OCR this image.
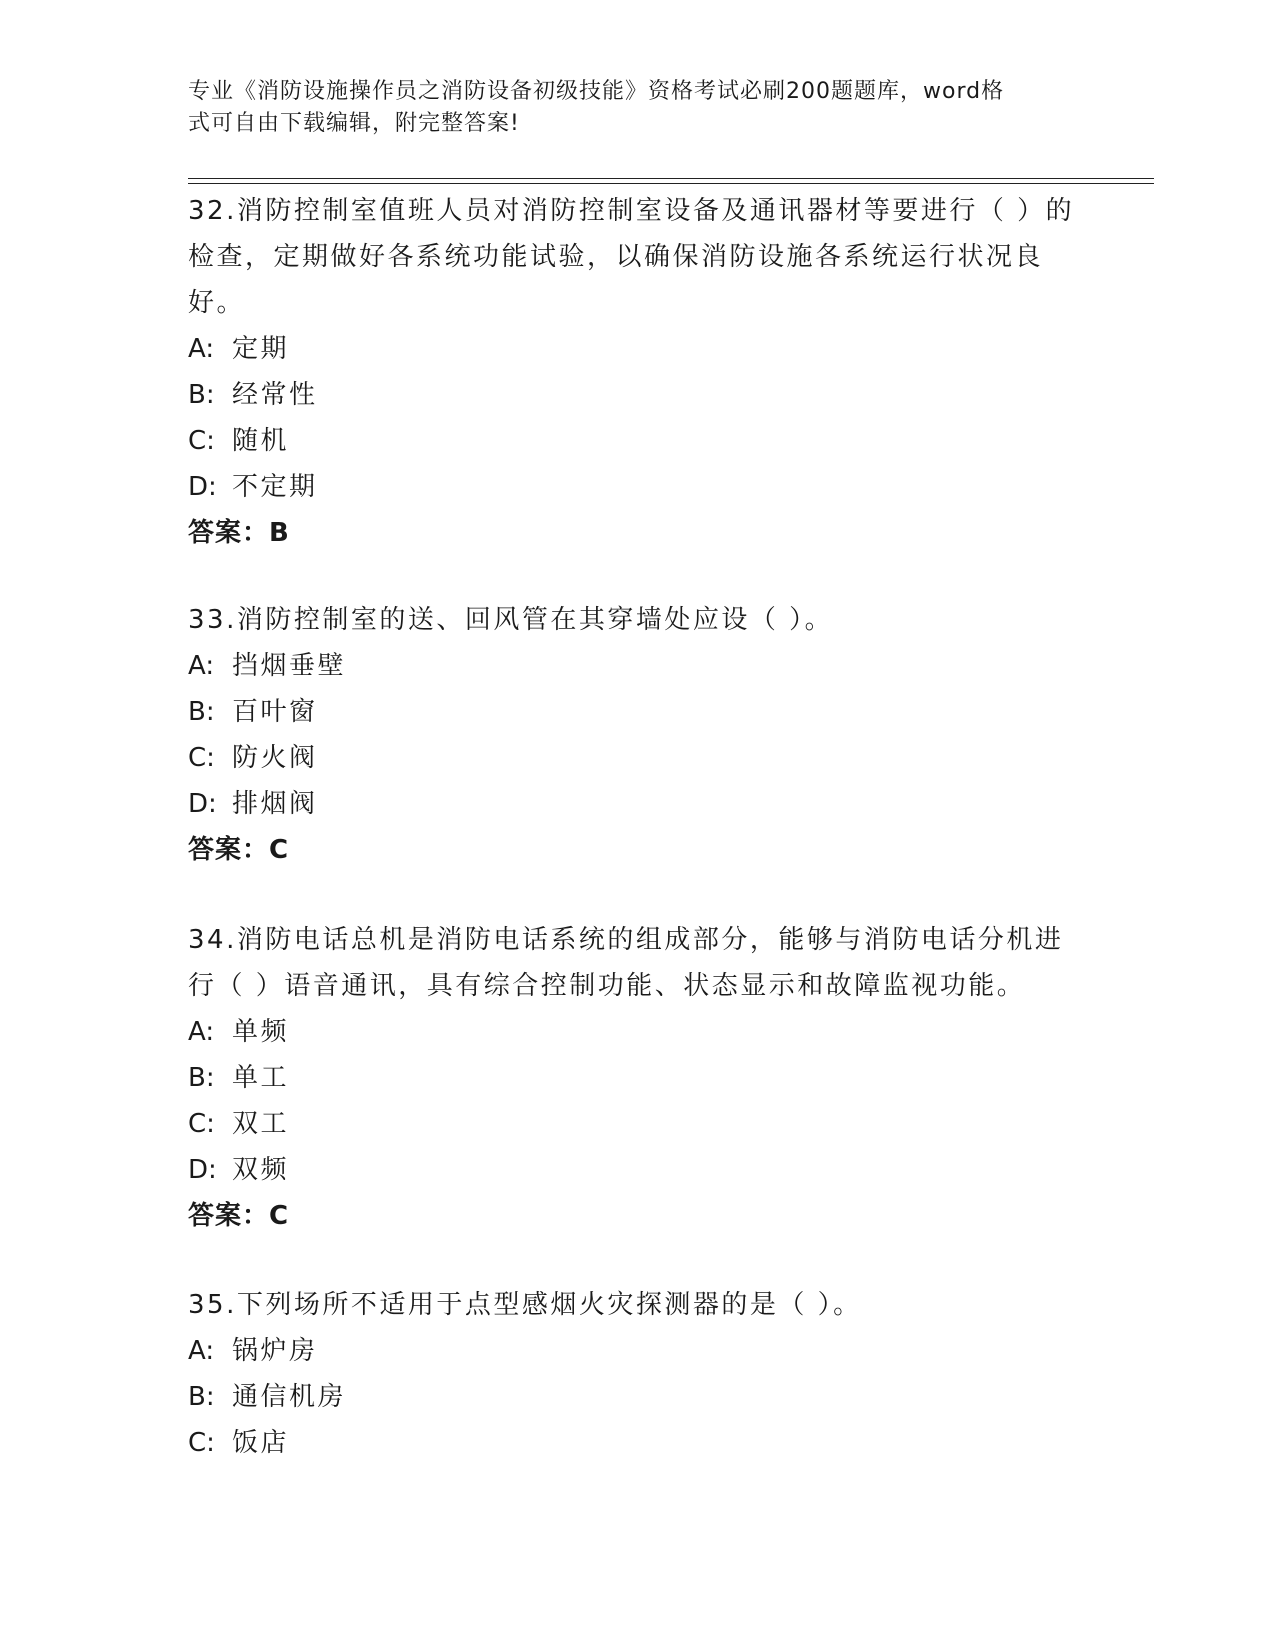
专业《消防设施操作员之消防设备初级技能》资格考试必刷200题题库，word格
式可自由下载编辑，附完整答案!

32.消防控制室值班人员对消防控制室设备及通讯器材等要进行（ ）的检查，定期做好各系统功能试验，以确保消防设施各系统运行状况良好。

A: 定期

B: 经常性

C: 随机

D: 不定期

答案：B

33.消防控制室的送、回风管在其穿墙处应设（ ）。

A: 挡烟垂壁

B: 百叶窗

C: 防火阀

D: 排烟阀

答案：C

34.消防电话总机是消防电话系统的组成部分，能够与消防电话分机进行（ ）语音通讯，具有综合控制功能、状态显示和故障监视功能。

A: 单频

B: 单工

C: 双工

D: 双频

答案：C

35.下列场所不适用于点型感烟火灾探测器的是（ ）。

A: 锅炉房

B: 通信机房

C: 饭店
